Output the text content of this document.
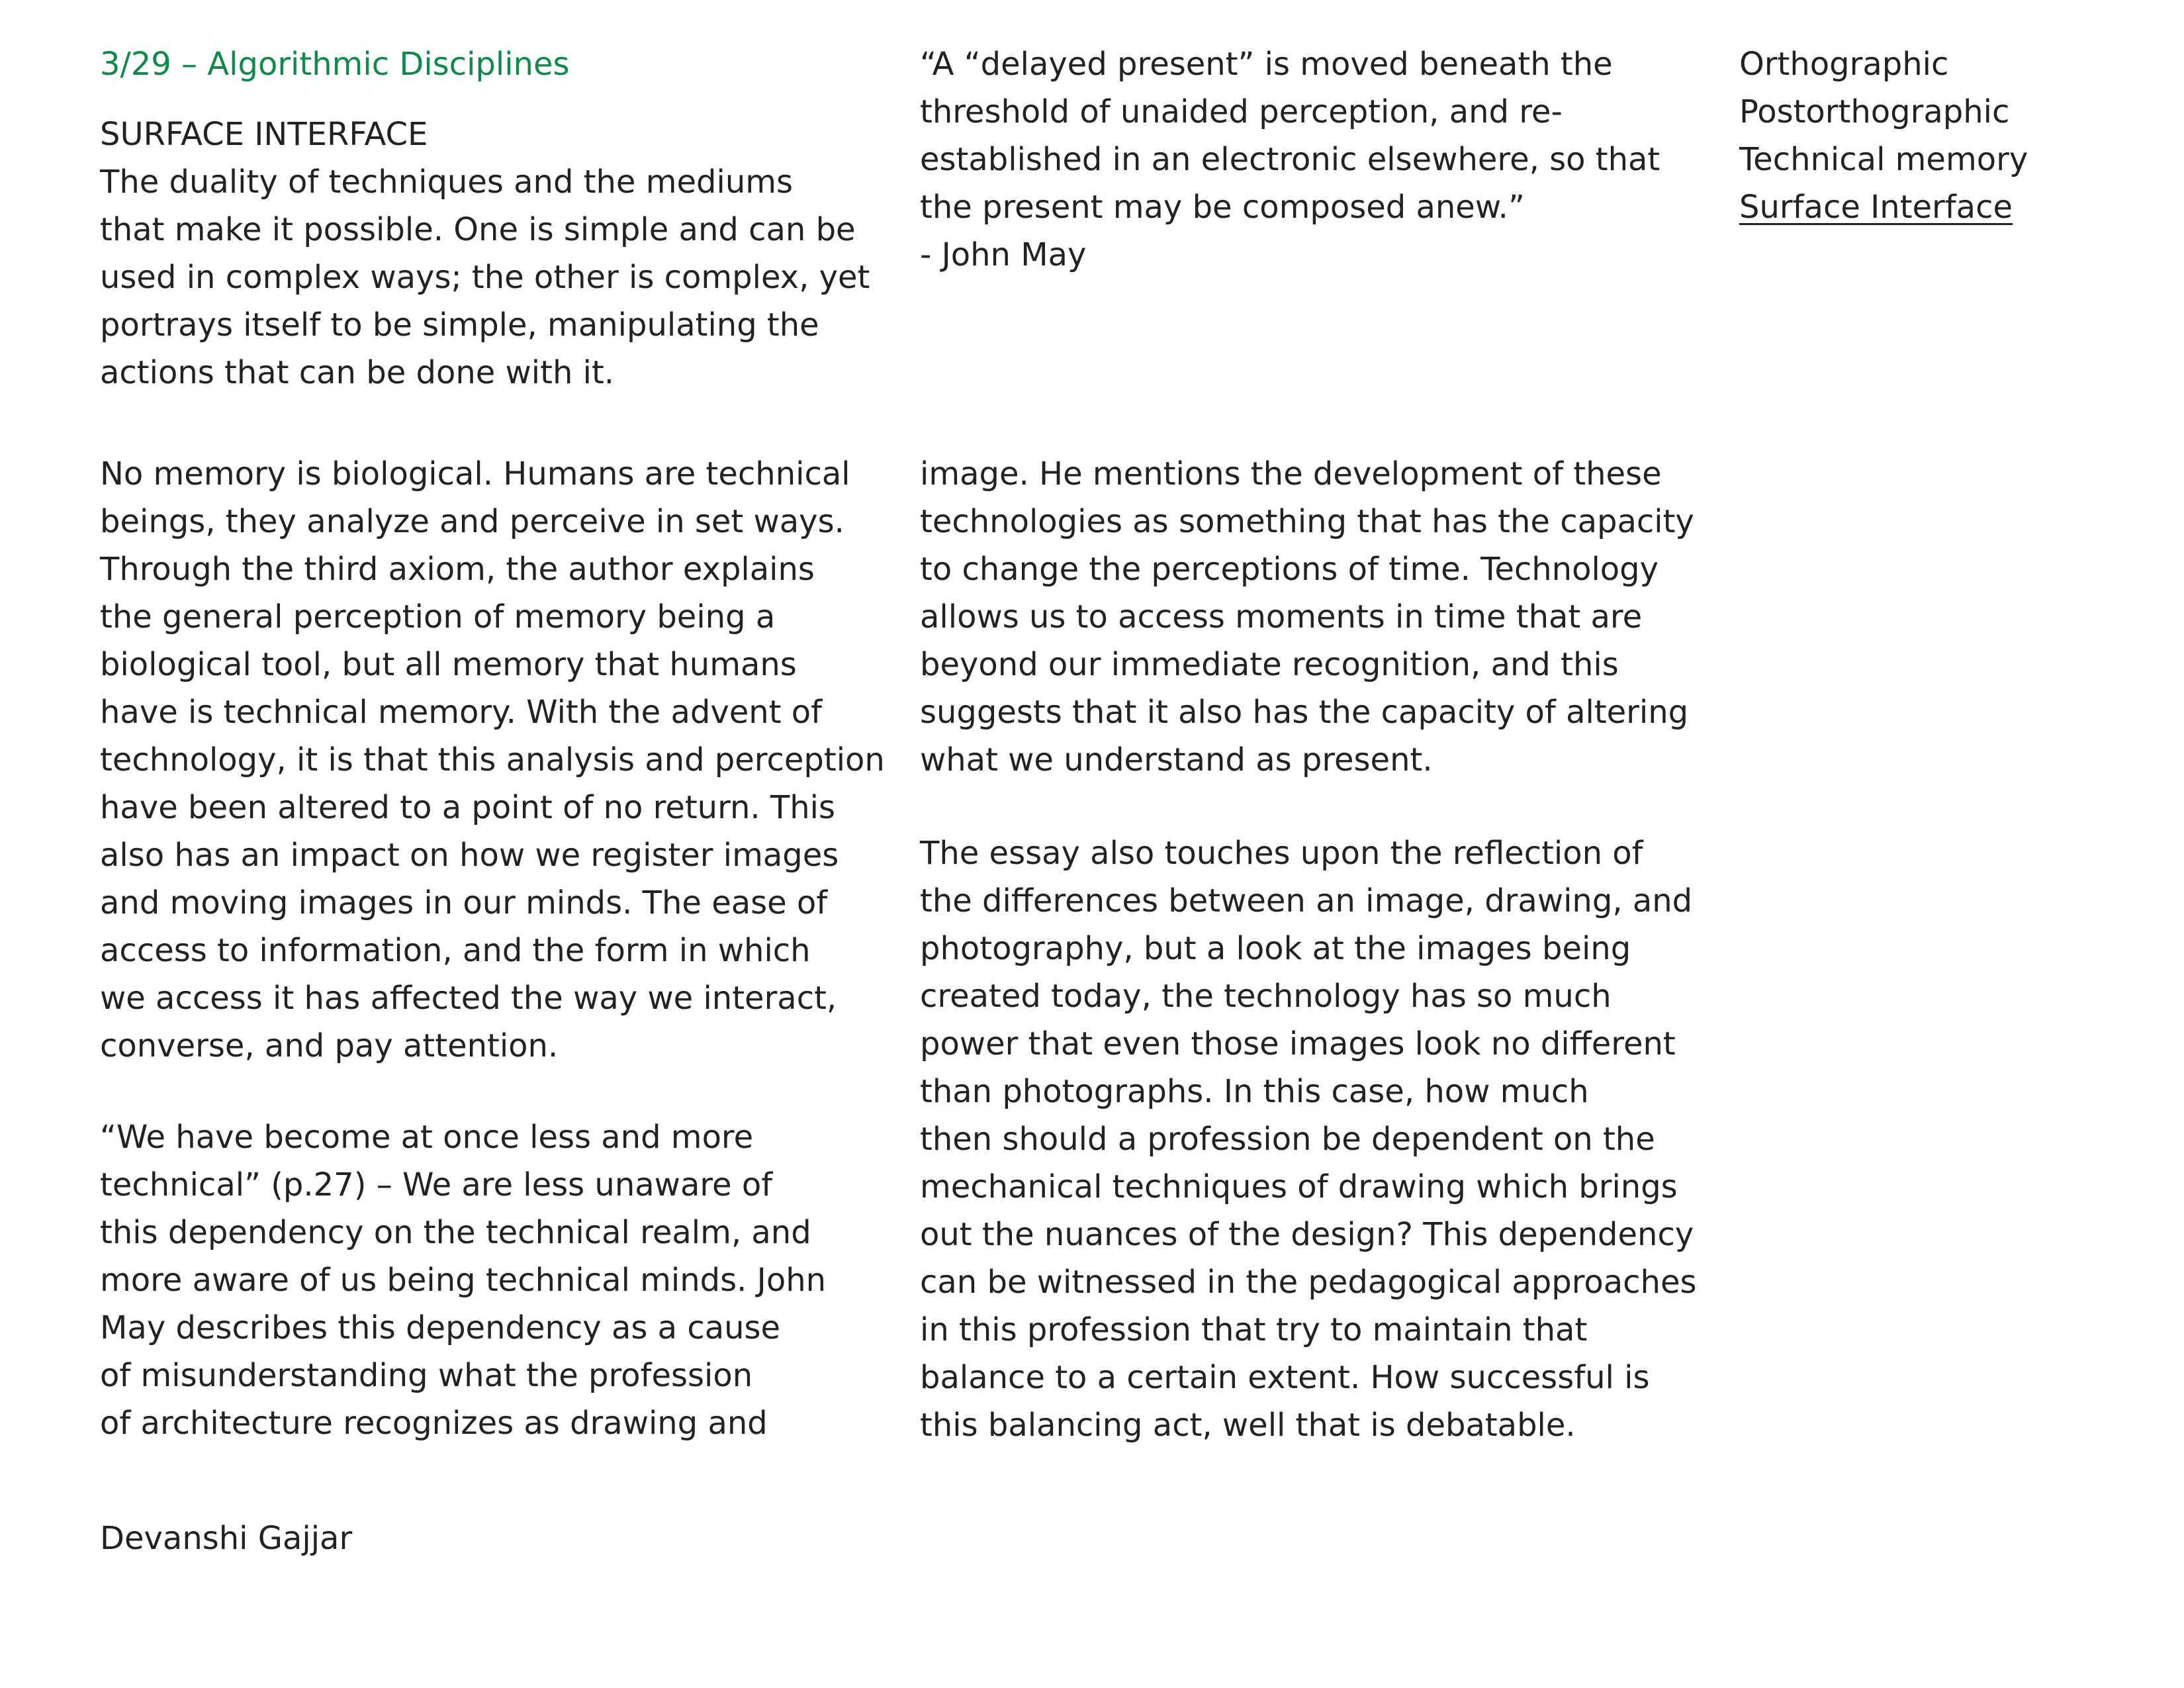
3/29 – Algorithmic Disciplines
SURFACE INTERFACE

The duality of techniques and the mediums
that make it possible. One is simple and can be
used in complex ways; the other is complex, yet
portrays itself to be simple, manipulating the
actions that can be done with it.

“A “delayed present” is moved beneath the
threshold of unaided perception, and re-
established in an electronic elsewhere, so that
the present may be composed anew.”

- John May
Orthographic
Postorthographic
Technical memory
Surface Interface

No memory is biological. Humans are technical
beings, they analyze and perceive in set ways.
Through the third axiom, the author explains
the general perception of memory being a
biological tool, but all memory that humans
have is technical memory. With the advent of
technology, it is that this analysis and perception
have been altered to a point of no return. This
also has an impact on how we register images
and moving images in our minds. The ease of
access to information, and the form in which
we access it has affected the way we interact,
converse, and pay attention.

“We have become at once less and more
technical” (p.27) – We are less unaware of
this dependency on the technical realm, and
more aware of us being technical minds. John
May describes this dependency as a cause
of misunderstanding what the profession
of architecture recognizes as drawing and

image. He mentions the development of these
technologies as something that has the capacity
to change the perceptions of time. Technology
allows us to access moments in time that are
beyond our immediate recognition, and this
suggests that it also has the capacity of altering
what we understand as present.

The essay also touches upon the reflection of
the differences between an image, drawing, and
photography, but a look at the images being
created today, the technology has so much
power that even those images look no different
than photographs. In this case, how much
then should a profession be dependent on the
mechanical techniques of drawing which brings
out the nuances of the design? This dependency
can be witnessed in the pedagogical approaches
in this profession that try to maintain that
balance to a certain extent. How successful is
this balancing act, well that is debatable.

Devanshi Gajjar
